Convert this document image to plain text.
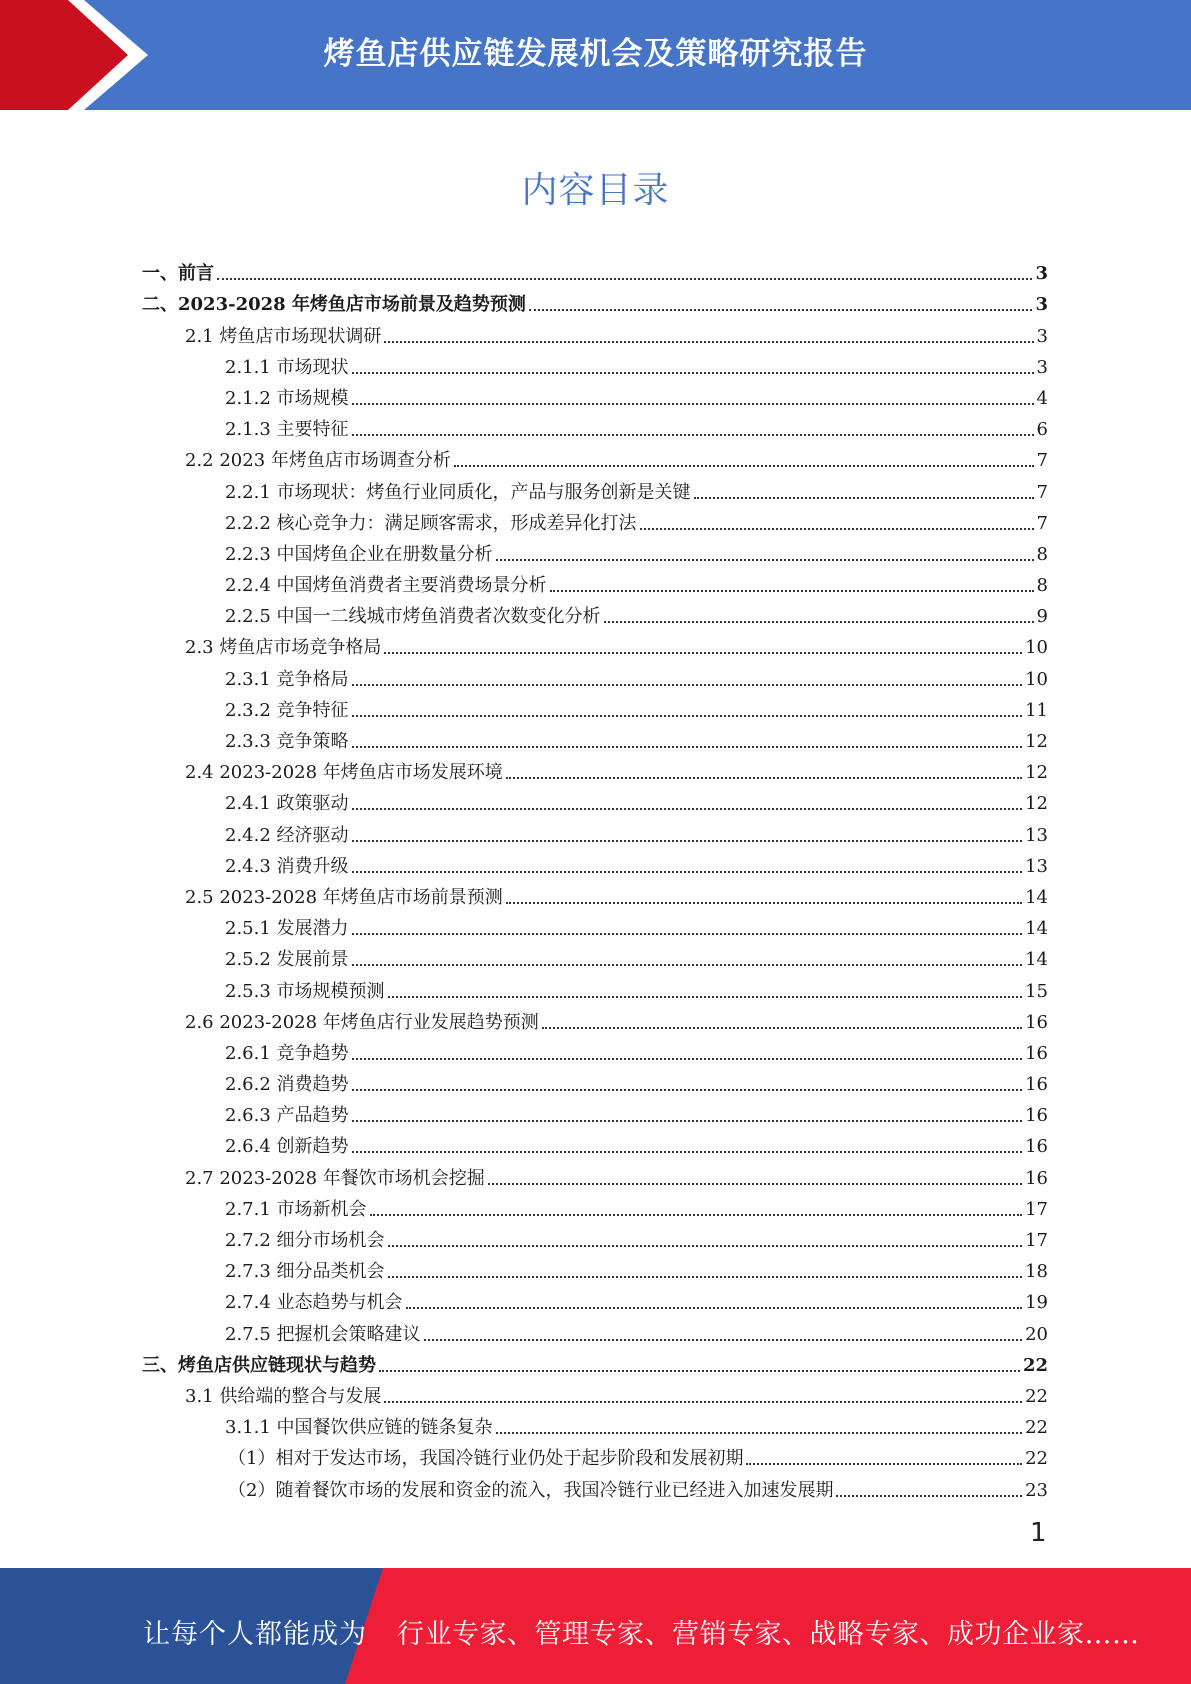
烤鱼店供应链发展机会及策略研究报告
内容目录
一、前言	3
二、2023-2028 年烤鱼店市场前景及趋势预测	3
2.1 烤鱼店市场现状调研	3
2.1.1 市场现状	3
2.1.2 市场规模	4
2.1.3 主要特征	6
2.2 2023 年烤鱼店市场调查分析	7
2.2.1 市场现状：烤鱼行业同质化，产品与服务创新是关键	7
2.2.2 核心竞争力：满足顾客需求，形成差异化打法	7
2.2.3 中国烤鱼企业在册数量分析	8
2.2.4 中国烤鱼消费者主要消费场景分析	8
2.2.5 中国一二线城市烤鱼消费者次数变化分析	9
2.3 烤鱼店市场竞争格局	10
2.3.1 竞争格局	10
2.3.2 竞争特征	11
2.3.3 竞争策略	12
2.4 2023-2028 年烤鱼店市场发展环境	12
2.4.1 政策驱动	12
2.4.2 经济驱动	13
2.4.3 消费升级	13
2.5 2023-2028 年烤鱼店市场前景预测	14
2.5.1 发展潜力	14
2.5.2 发展前景	14
2.5.3 市场规模预测	15
2.6 2023-2028 年烤鱼店行业发展趋势预测	16
2.6.1 竞争趋势	16
2.6.2 消费趋势	16
2.6.3 产品趋势	16
2.6.4 创新趋势	16
2.7 2023-2028 年餐饮市场机会挖掘	16
2.7.1 市场新机会	17
2.7.2 细分市场机会	17
2.7.3 细分品类机会	18
2.7.4 业态趋势与机会	19
2.7.5 把握机会策略建议	20
三、烤鱼店供应链现状与趋势	22
3.1 供给端的整合与发展	22
3.1.1 中国餐饮供应链的链条复杂	22
（1）相对于发达市场，我国冷链行业仍处于起步阶段和发展初期	22
（2）随着餐饮市场的发展和资金的流入，我国冷链行业已经进入加速发展期	23
1
让每个人都能成为 行业专家、管理专家、营销专家、战略专家、成功企业家……
